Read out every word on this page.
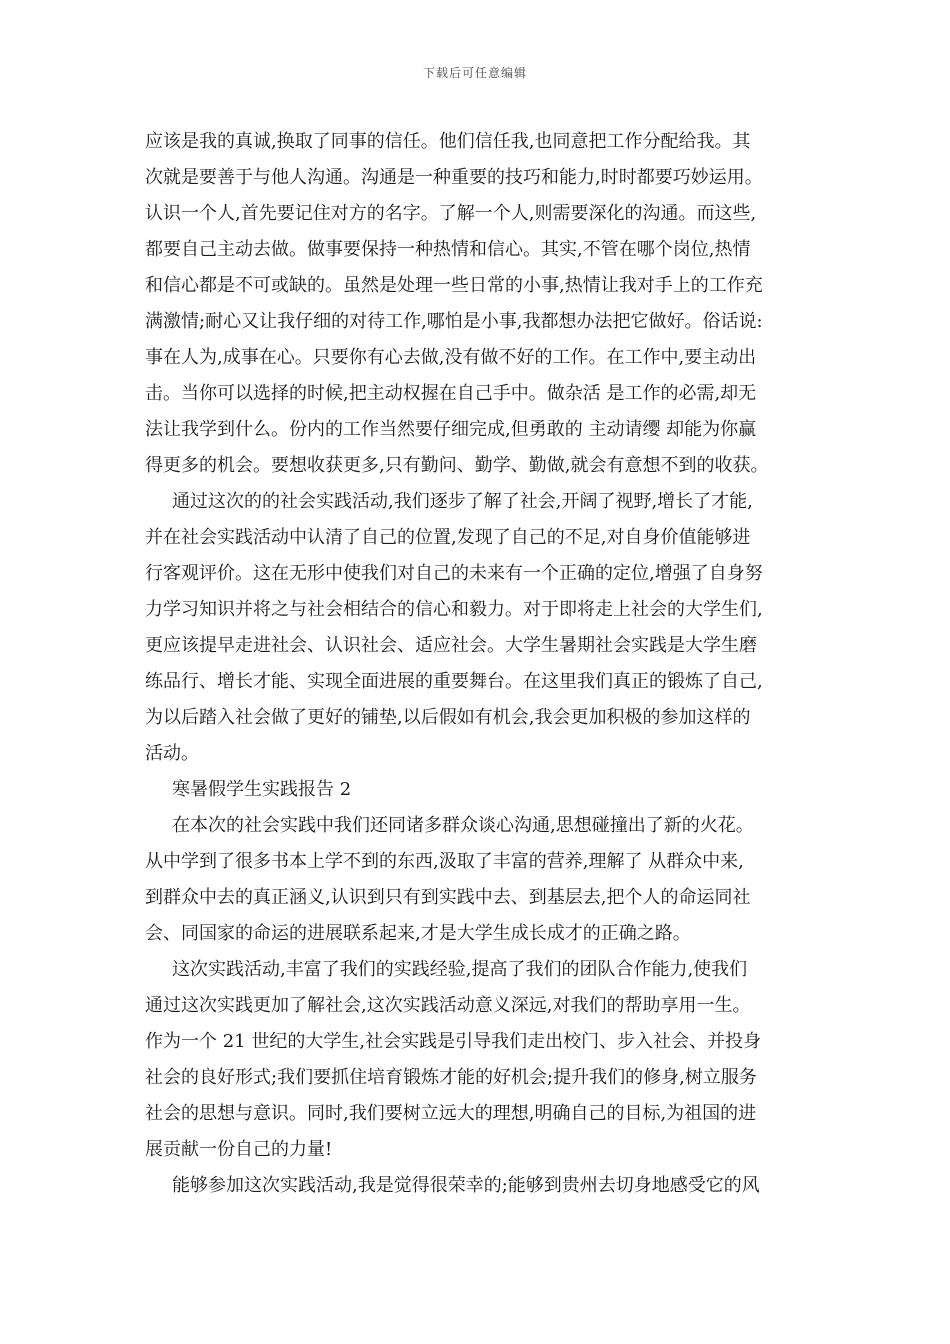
下载后可任意编辑
应该是我的真诚,换取了同事的信任。他们信任我,也同意把工作分配给我。其
次就是要善于与他人沟通。沟通是一种重要的技巧和能力,时时都要巧妙运用。
认识一个人,首先要记住对方的名字。了解一个人,则需要深化的沟通。而这些,
都要自己主动去做。做事要保持一种热情和信心。其实,不管在哪个岗位,热情
和信心都是不可或缺的。虽然是处理一些日常的小事,热情让我对手上的工作充
满激情;耐心又让我仔细的对待工作,哪怕是小事,我都想办法把它做好。俗话说:
事在人为,成事在心。只要你有心去做,没有做不好的工作。在工作中,要主动出
击。当你可以选择的时候,把主动权握在自己手中。做杂活 是工作的必需,却无
法让我学到什么。份内的工作当然要仔细完成,但勇敢的 主动请缨 却能为你赢
得更多的机会。要想收获更多,只有勤问、勤学、勤做,就会有意想不到的收获。
通过这次的的社会实践活动,我们逐步了解了社会,开阔了视野,增长了才能,
并在社会实践活动中认清了自己的位置,发现了自己的不足,对自身价值能够进
行客观评价。这在无形中使我们对自己的未来有一个正确的定位,增强了自身努
力学习知识并将之与社会相结合的信心和毅力。对于即将走上社会的大学生们,
更应该提早走进社会、认识社会、适应社会。大学生暑期社会实践是大学生磨
练品行、增长才能、实现全面进展的重要舞台。在这里我们真正的锻炼了自己,
为以后踏入社会做了更好的铺垫,以后假如有机会,我会更加积极的参加这样的
活动。
寒暑假学生实践报告 2
在本次的社会实践中我们还同诸多群众谈心沟通,思想碰撞出了新的火花。
从中学到了很多书本上学不到的东西,汲取了丰富的营养,理解了 从群众中来,
到群众中去的真正涵义,认识到只有到实践中去、到基层去,把个人的命运同社
会、同国家的命运的进展联系起来,才是大学生成长成才的正确之路。
这次实践活动,丰富了我们的实践经验,提高了我们的团队合作能力,使我们
通过这次实践更加了解社会,这次实践活动意义深远,对我们的帮助享用一生。
作为一个 21 世纪的大学生,社会实践是引导我们走出校门、步入社会、并投身
社会的良好形式;我们要抓住培育锻炼才能的好机会;提升我们的修身,树立服务
社会的思想与意识。同时,我们要树立远大的理想,明确自己的目标,为祖国的进
展贡献一份自己的力量!
能够参加这次实践活动,我是觉得很荣幸的;能够到贵州去切身地感受它的风
